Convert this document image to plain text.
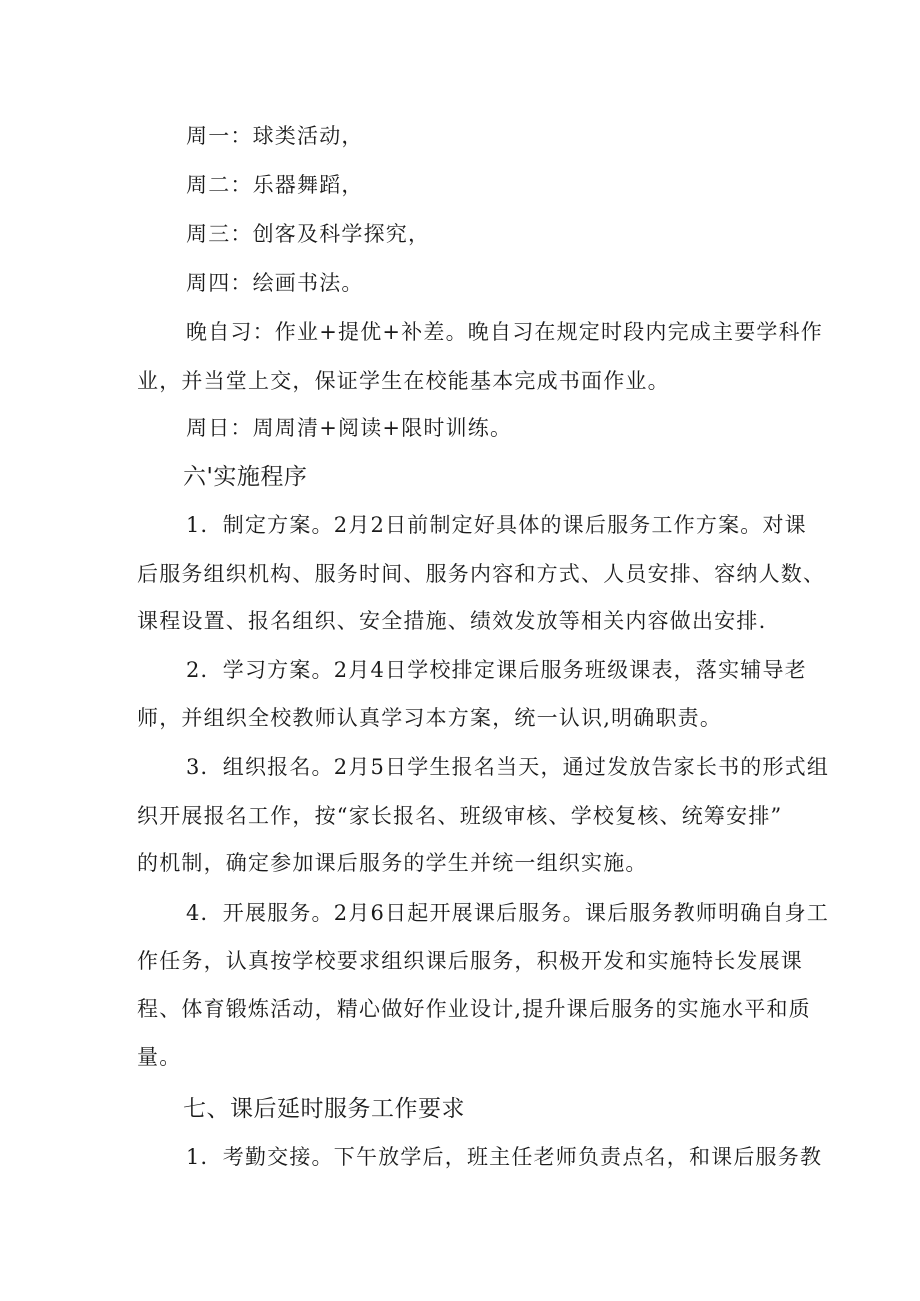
周一：球类活动，
周二：乐器舞蹈，
周三：创客及科学探究，
周四：绘画书法。
晚自习：作业+提优+补差。晚自习在规定时段内完成主要学科作
业，并当堂上交，保证学生在校能基本完成书面作业。
周日：周周清+阅读+限时训练。
六'实施程序
1．制定方案。2月2日前制定好具体的课后服务工作方案。对课
后服务组织机构、服务时间、服务内容和方式、人员安排、容纳人数、
课程设置、报名组织、安全措施、绩效发放等相关内容做出安排.
2．学习方案。2月4日学校排定课后服务班级课表，落实辅导老
师，并组织全校教师认真学习本方案，统一认识,明确职责。
3．组织报名。2月5日学生报名当天，通过发放告家长书的形式组
织开展报名工作，按“家长报名、班级审核、学校复核、统筹安排”
的机制，确定参加课后服务的学生并统一组织实施。
4．开展服务。2月6日起开展课后服务。课后服务教师明确自身工
作任务，认真按学校要求组织课后服务，积极开发和实施特长发展课
程、体育锻炼活动，精心做好作业设计,提升课后服务的实施水平和质
量。
七、课后延时服务工作要求
1．考勤交接。下午放学后，班主任老师负责点名，和课后服务教
